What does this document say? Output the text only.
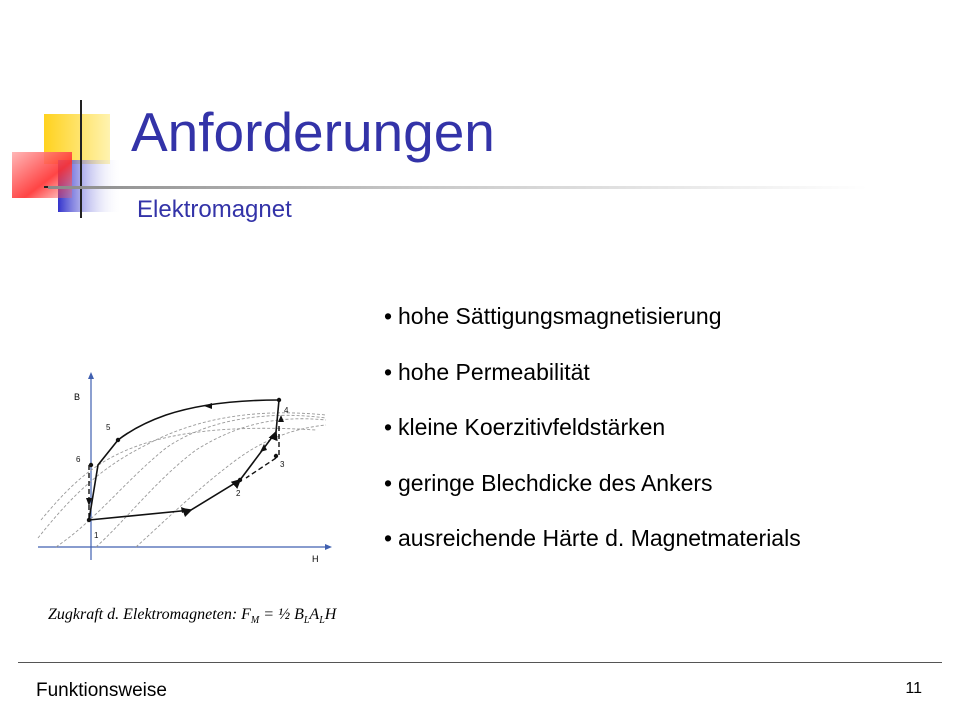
Anforderungen
Elektromagnet
• hohe Sättigungsmagnetisierung
• hohe Permeabilität
• kleine Koerzitivfeldstärken
• geringe Blechdicke des Ankers
• ausreichende Härte d. Magnetmaterials
B
H
1
2
3
4
5
6
Zugkraft d. Elektromagneten: $F_M$ = ½ $B_LA_LH$
Funktionsweise	11
